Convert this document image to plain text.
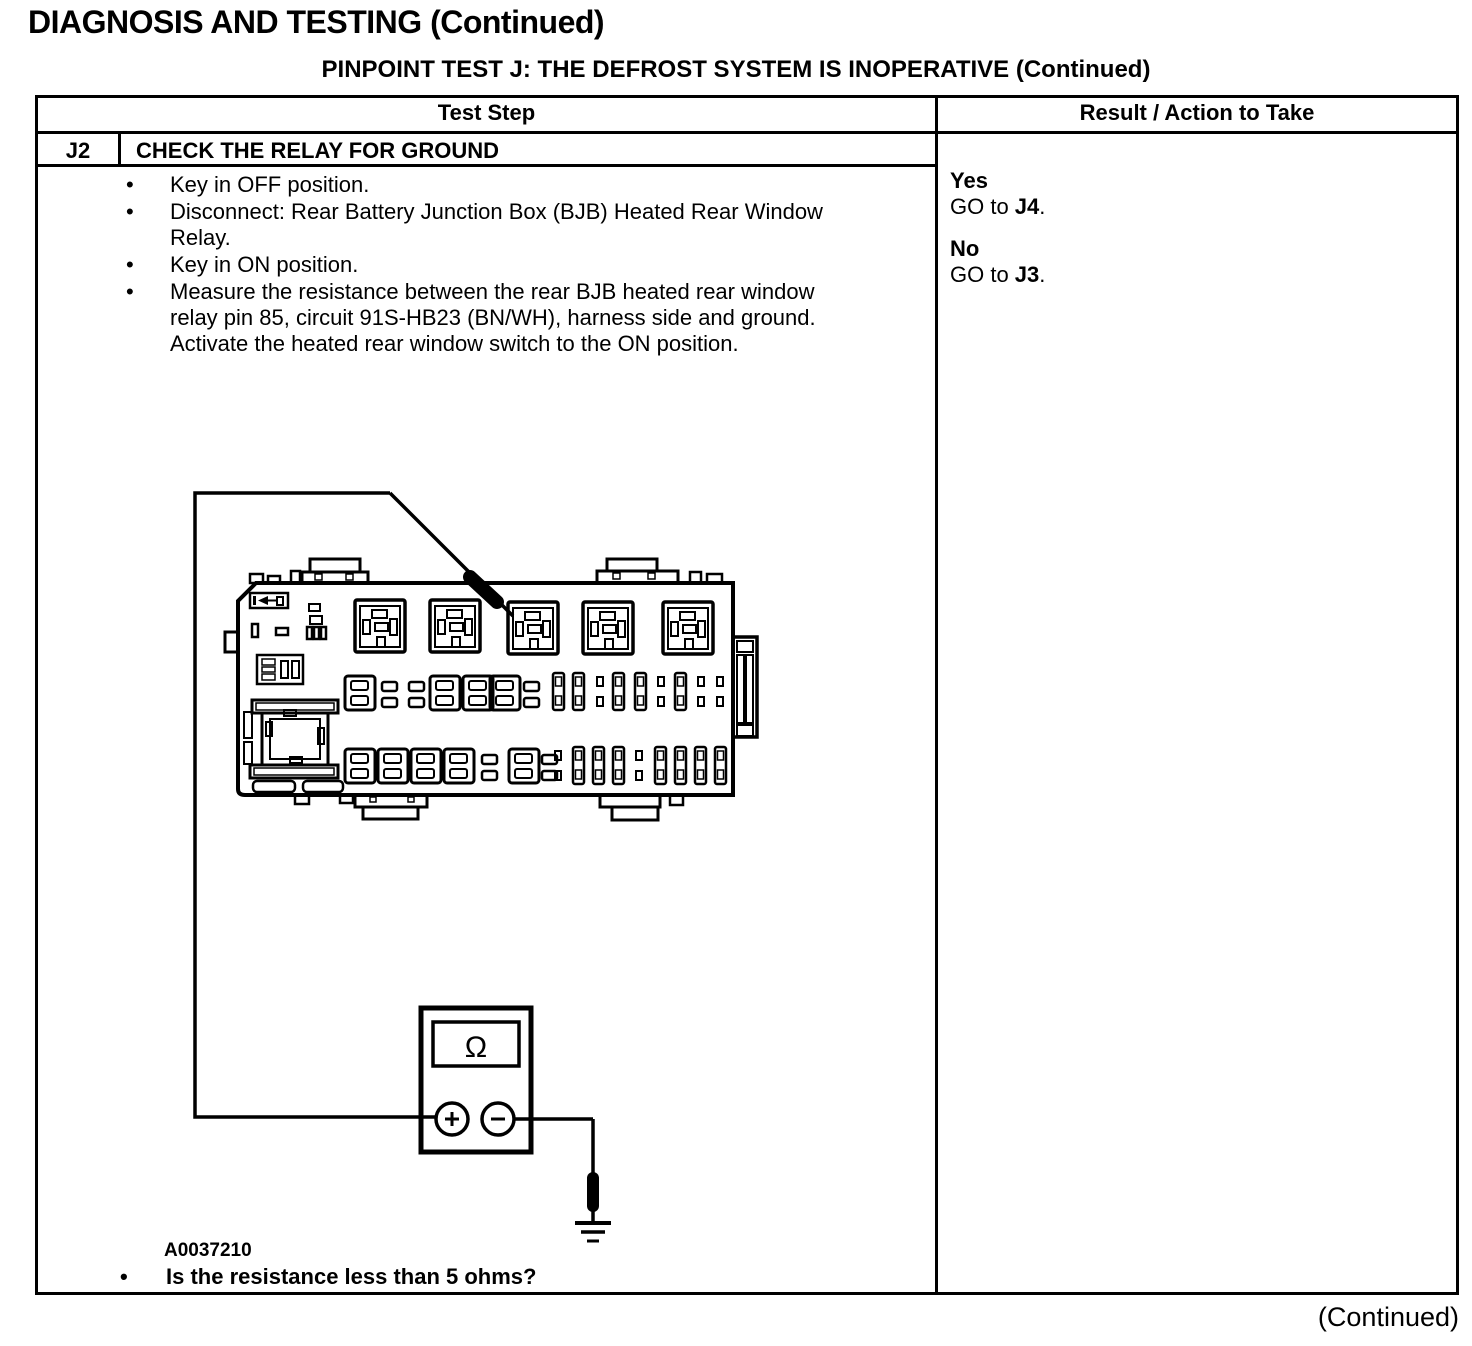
DIAGNOSIS AND TESTING (Continued)
PINPOINT TEST J: THE DEFROST SYSTEM IS INOPERATIVE (Continued)
Test Step	Result / Action to Take
J2	CHECK THE RELAY FOR GROUND
•	Key in OFF position.
•	Disconnect: Rear Battery Junction Box (BJB) Heated Rear Window Relay.
•	Key in ON position.
•	Measure the resistance between the rear BJB heated rear window relay pin 85, circuit 91S-HB23 (BN/WH), harness side and ground. Activate the heated rear window switch to the ON position.
Yes
GO to J4.
No
GO to J3.
Ω
A0037210
•	Is the resistance less than 5 ohms?
(Continued)
